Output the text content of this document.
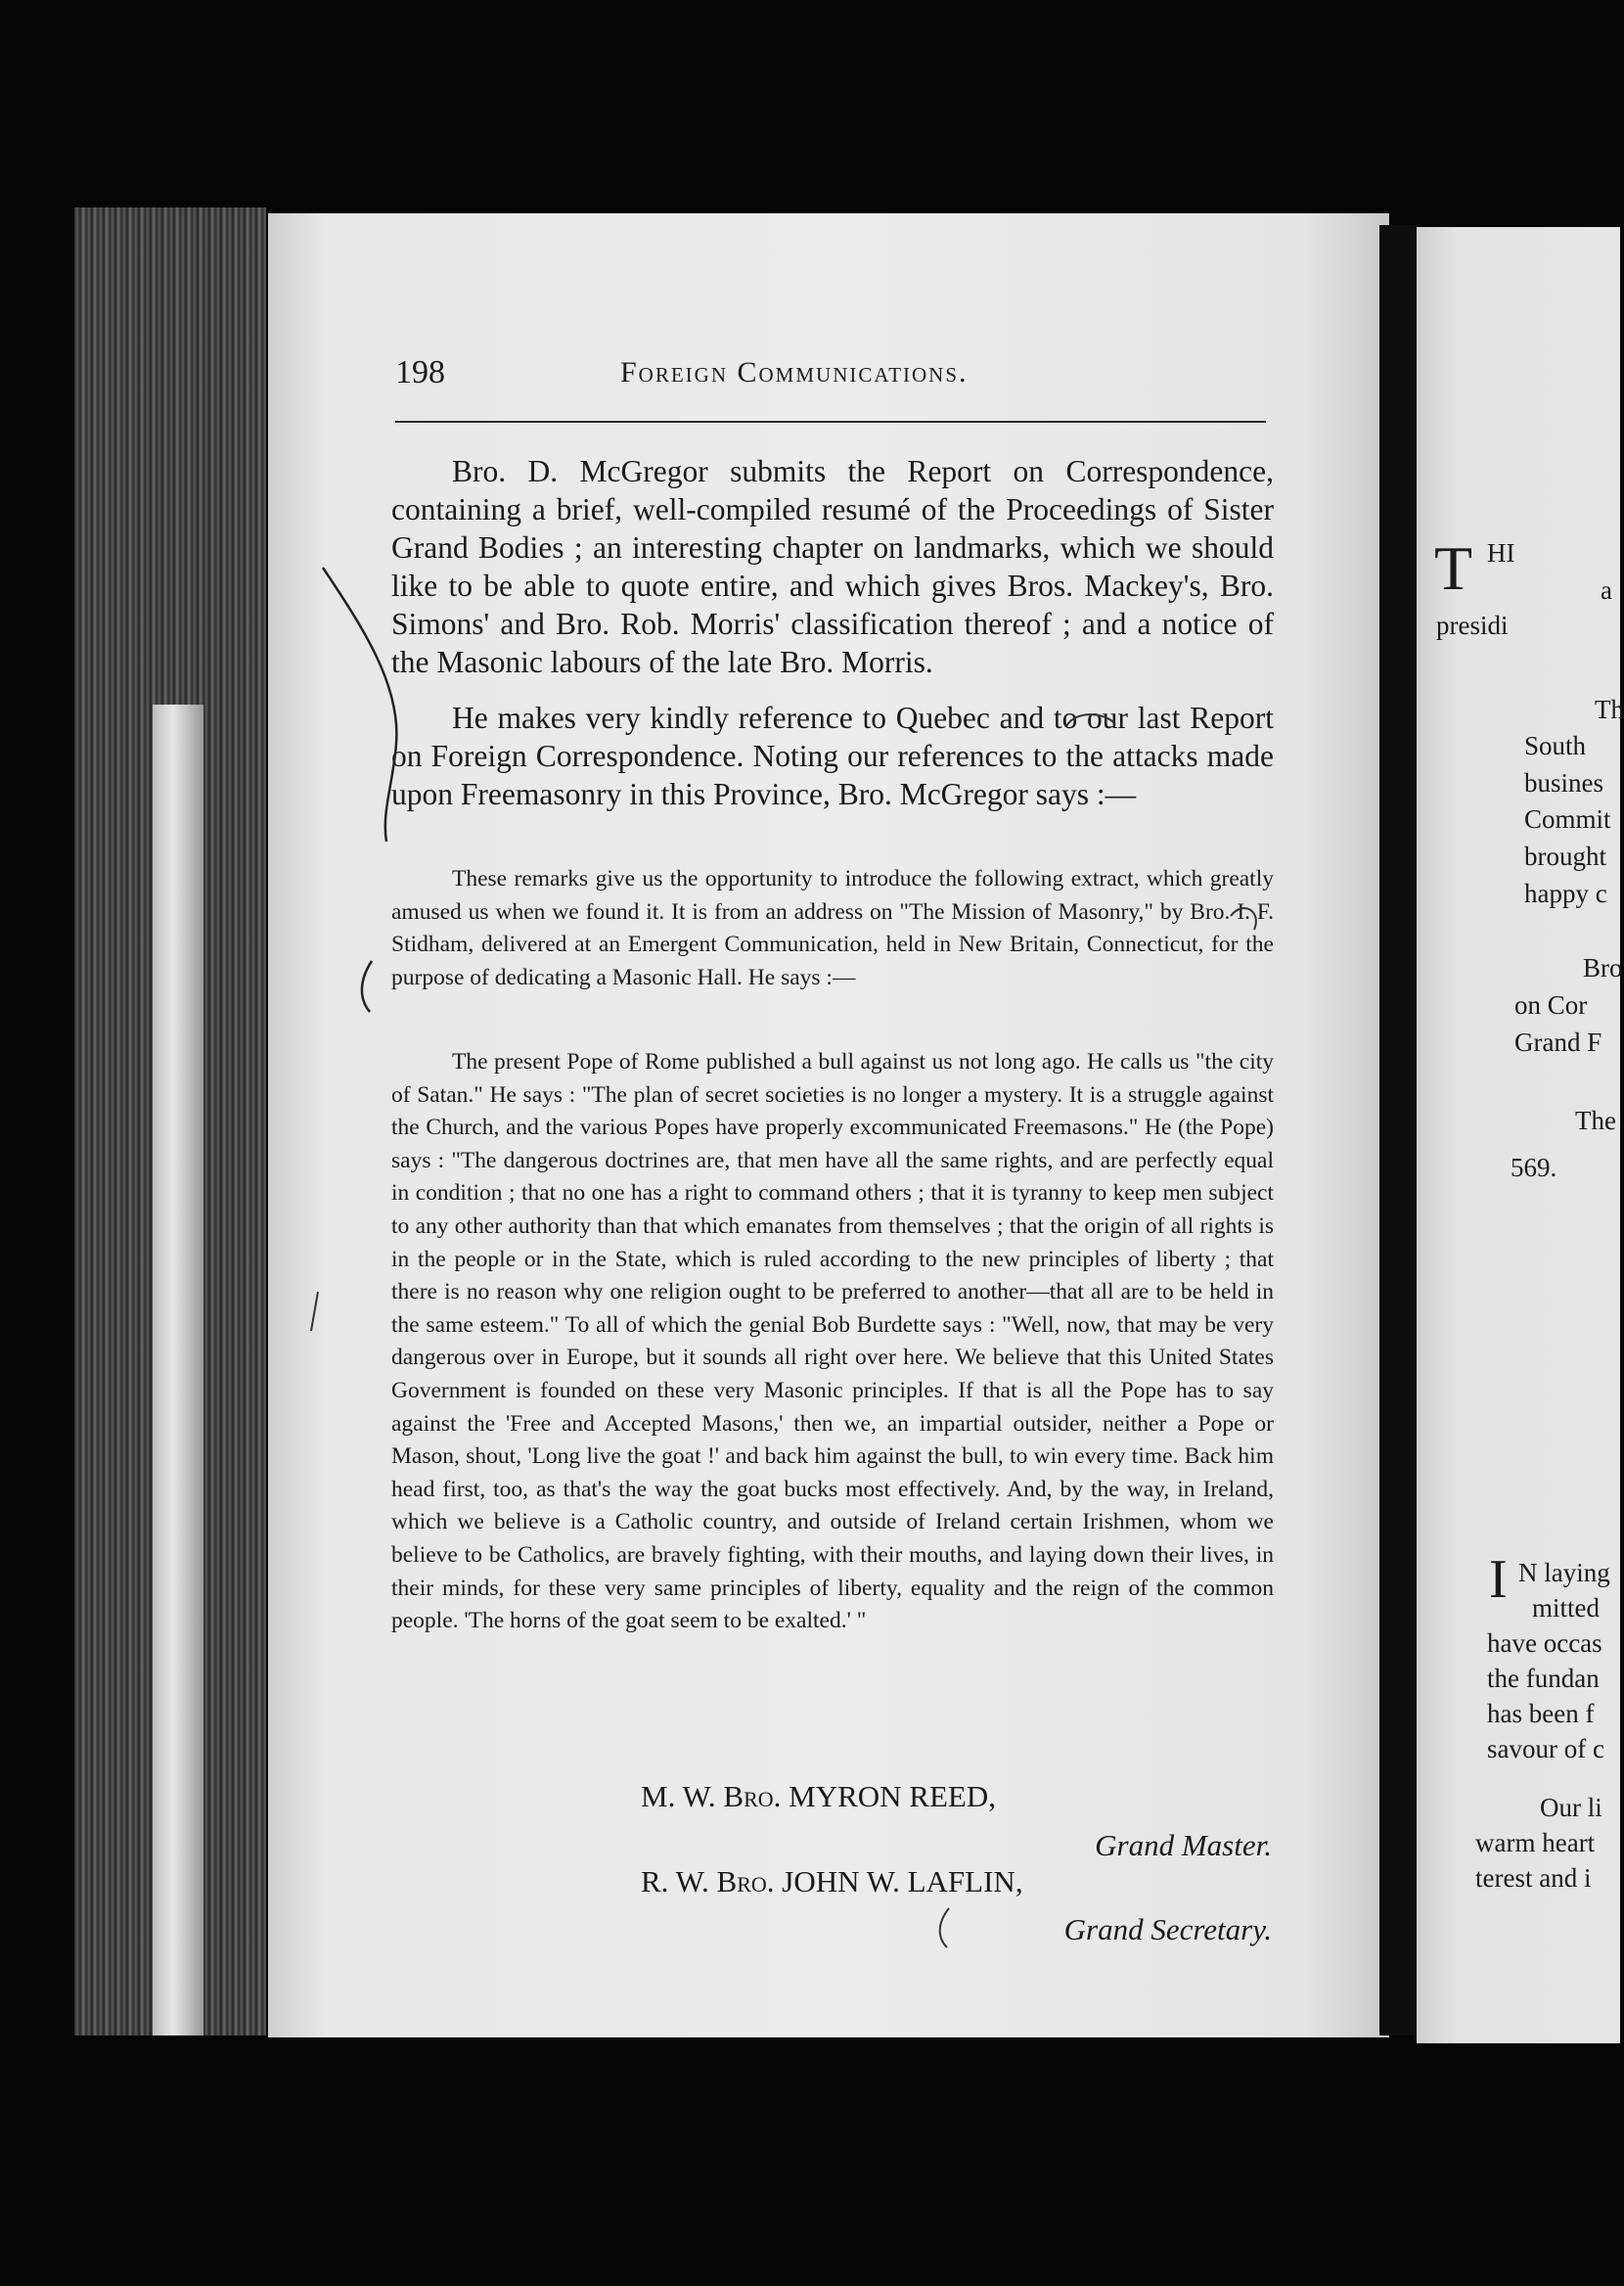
T HI
a
presidi
Th
South
busines
Commit
brought
happy c
Bro
on Cor
Grand F
The
569.
I N laying
mitted
have occas
the fundan
has been f
savour of c
Our li
warm heart
terest and i
198	Foreign Communications.

Bro. D. McGregor submits the Report on Correspondence, containing a brief, well-compiled resumé of the Proceedings of Sister Grand Bodies ; an interesting chapter on landmarks, which we should like to be able to quote entire, and which gives Bros. Mackey's, Bro. Simons' and Bro. Rob. Morris' classification thereof ; and a notice of the Masonic labours of the late Bro. Morris.

He makes very kindly reference to Quebec and to our last Report on Foreign Correspondence. Noting our references to the attacks made upon Freemasonry in this Province, Bro. McGregor says :—

These remarks give us the opportunity to introduce the following extract, which greatly amused us when we found it. It is from an address on "The Mission of Masonry," by Bro. I. F. Stidham, delivered at an Emergent Communication, held in New Britain, Connecticut, for the purpose of dedicating a Masonic Hall. He says :—

The present Pope of Rome published a bull against us not long ago. He calls us "the city of Satan." He says : "The plan of secret societies is no longer a mystery. It is a struggle against the Church, and the various Popes have properly excommunicated Freemasons." He (the Pope) says : "The dangerous doctrines are, that men have all the same rights, and are perfectly equal in condition ; that no one has a right to command others ; that it is tyranny to keep men subject to any other authority than that which emanates from themselves ; that the origin of all rights is in the people or in the State, which is ruled according to the new principles of liberty ; that there is no reason why one religion ought to be preferred to another—that all are to be held in the same esteem." To all of which the genial Bob Burdette says : "Well, now, that may be very dangerous over in Europe, but it sounds all right over here. We believe that this United States Government is founded on these very Masonic principles. If that is all the Pope has to say against the 'Free and Accepted Masons,' then we, an impartial outsider, neither a Pope or Mason, shout, 'Long live the goat !' and back him against the bull, to win every time. Back him head first, too, as that's the way the goat bucks most effectively. And, by the way, in Ireland, which we believe is a Catholic country, and outside of Ireland certain Irishmen, whom we believe to be Catholics, are bravely fighting, with their mouths, and laying down their lives, in their minds, for these very same principles of liberty, equality and the reign of the common people. 'The horns of the goat seem to be exalted.' "

M. W. Bro. MYRON REED,
Grand Master.
R. W. Bro. JOHN W. LAFLIN,
Grand Secretary.
